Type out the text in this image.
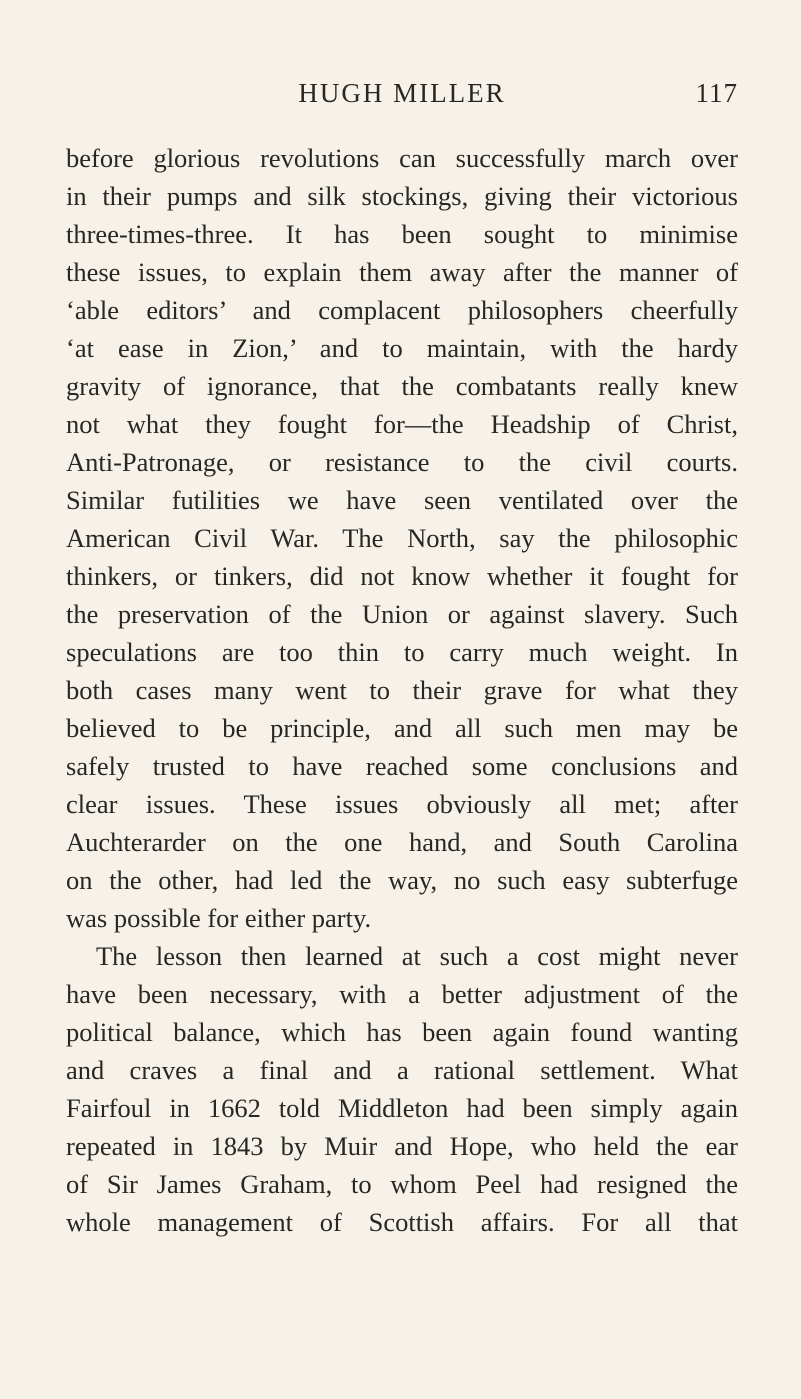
HUGH MILLER	117
before glorious revolutions can successfully march over
in their pumps and silk stockings, giving their victorious
three-times-three. It has been sought to minimise
these issues, to explain them away after the manner of
‘able editors’ and complacent philosophers cheerfully
‘at ease in Zion,’ and to maintain, with the hardy
gravity of ignorance, that the combatants really knew
not what they fought for—the Headship of Christ,
Anti-Patronage, or resistance to the civil courts.
Similar futilities we have seen ventilated over the
American Civil War. The North, say the philosophic
thinkers, or tinkers, did not know whether it fought for
the preservation of the Union or against slavery. Such
speculations are too thin to carry much weight. In
both cases many went to their grave for what they
believed to be principle, and all such men may be
safely trusted to have reached some conclusions and
clear issues. These issues obviously all met; after
Auchterarder on the one hand, and South Carolina
on the other, had led the way, no such easy subterfuge
was possible for either party.
The lesson then learned at such a cost might never
have been necessary, with a better adjustment of the
political balance, which has been again found wanting
and craves a final and a rational settlement. What
Fairfoul in 1662 told Middleton had been simply again
repeated in 1843 by Muir and Hope, who held the ear
of Sir James Graham, to whom Peel had resigned the
whole management of Scottish affairs. For all that
